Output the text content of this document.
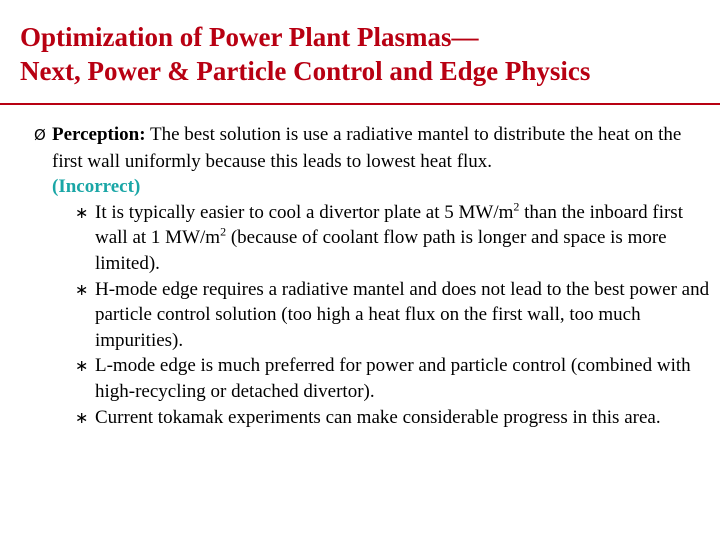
Optimization of Power Plant Plasmas—
Next, Power & Particle Control and Edge Physics
Ø Perception: The best solution is use a radiative mantel to distribute the heat on the first wall uniformly because this leads to lowest heat flux.
(Incorrect)
∗ It is typically easier to cool a divertor plate at 5 $MW/m^2$ than the inboard first wall at 1 $MW/m^2$ (because of coolant flow path is longer and space is more limited).
∗ H-mode edge requires a radiative mantel and does not lead to the best power and particle control solution (too high a heat flux on the first wall, too much impurities).
∗ L-mode edge is much preferred for power and particle control (combined with high-recycling or detached divertor).
∗ Current tokamak experiments can make considerable progress in this area.
